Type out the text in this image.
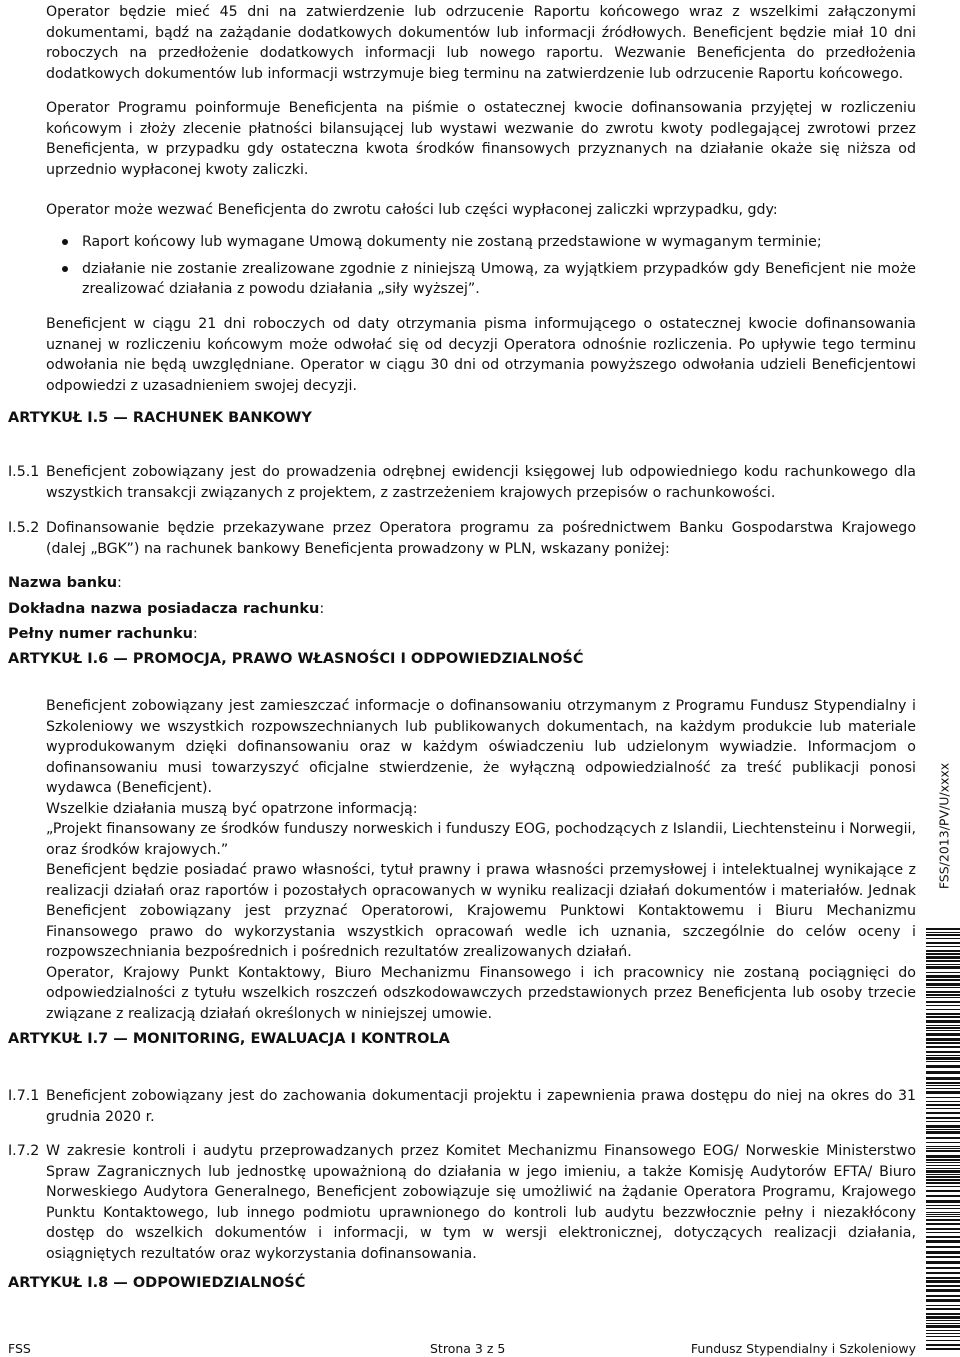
Operator będzie mieć 45 dni na zatwierdzenie lub odrzucenie Raportu końcowego wraz z wszelkimi załączonymi dokumentami, bądź na zażądanie dodatkowych dokumentów lub informacji źródłowych. Beneficjent będzie miał 10 dni roboczych na przedłożenie dodatkowych informacji lub nowego raportu. Wezwanie Beneficjenta do przedłożenia dodatkowych dokumentów lub informacji wstrzymuje bieg terminu na zatwierdzenie lub odrzucenie Raportu końcowego.

Operator Programu poinformuje Beneficjenta na piśmie o ostatecznej kwocie dofinansowania przyjętej w rozliczeniu końcowym i złoży zlecenie płatności bilansującej lub wystawi wezwanie do zwrotu kwoty podlegającej zwrotowi przez Beneficjenta, w przypadku gdy ostateczna kwota środków finansowych przyznanych na działanie okaże się niższa od uprzednio wypłaconej kwoty zaliczki.

Operator może wezwać Beneficjenta do zwrotu całości lub części wypłaconej zaliczki wprzypadku, gdy:

Raport końcowy lub wymagane Umową dokumenty nie zostaną przedstawione w wymaganym terminie;
działanie nie zostanie zrealizowane zgodnie z niniejszą Umową, za wyjątkiem przypadków gdy Beneficjent nie może zrealizować działania z powodu działania „siły wyższej”.

Beneficjent w ciągu 21 dni roboczych od daty otrzymania pisma informującego o ostatecznej kwocie dofinansowania uznanej w rozliczeniu końcowym może odwołać się od decyzji Operatora odnośnie rozliczenia. Po upływie tego terminu odwołania nie będą uwzględniane. Operator w ciągu 30 dni od otrzymania powyższego odwołania udzieli Beneficjentowi odpowiedzi z uzasadnieniem swojej decyzji.

ARTYKUŁ I.5 — RACHUNEK BANKOWY
I.5.1 Beneficjent zobowiązany jest do prowadzenia odrębnej ewidencji księgowej lub odpowiedniego kodu rachunkowego dla wszystkich transakcji związanych z projektem, z zastrzeżeniem krajowych przepisów o rachunkowości.
I.5.2 Dofinansowanie będzie przekazywane przez Operatora programu za pośrednictwem Banku Gospodarstwa Krajowego (dalej „BGK”) na rachunek bankowy Beneficjenta prowadzony w PLN, wskazany poniżej:

Nazwa banku:

Dokładna nazwa posiadacza rachunku:

Pełny numer rachunku:

ARTYKUŁ I.6 — PROMOCJA, PRAWO WŁASNOŚCI I ODPOWIEDZIALNOŚĆ
Beneficjent zobowiązany jest zamieszczać informacje o dofinansowaniu otrzymanym z Programu Fundusz Stypendialny i Szkoleniowy we wszystkich rozpowszechnianych lub publikowanych dokumentach, na każdym produkcie lub materiale wyprodukowanym dzięki dofinansowaniu oraz w każdym oświadczeniu lub udzielonym wywiadzie. Informacjom o dofinansowaniu musi towarzyszyć oficjalne stwierdzenie, że wyłączną odpowiedzialność za treść publikacji ponosi wydawca (Beneficjent).
Wszelkie działania muszą być opatrzone informacją:
„Projekt finansowany ze środków funduszy norweskich i funduszy EOG, pochodzących z Islandii, Liechtensteinu i Norwegii, oraz środków krajowych.”
Beneficjent będzie posiadać prawo własności, tytuł prawny i prawa własności przemysłowej i intelektualnej wynikające z realizacji działań oraz raportów i pozostałych opracowanych w wyniku realizacji działań dokumentów i materiałów. Jednak Beneficjent zobowiązany jest przyznać Operatorowi, Krajowemu Punktowi Kontaktowemu i Biuru Mechanizmu Finansowego prawo do wykorzystania wszystkich opracowań wedle ich uznania, szczególnie do celów oceny i rozpowszechniania bezpośrednich i pośrednich rezultatów zrealizowanych działań.
Operator, Krajowy Punkt Kontaktowy, Biuro Mechanizmu Finansowego i ich pracownicy nie zostaną pociągnięci do odpowiedzialności z tytułu wszelkich roszczeń odszkodowawczych przedstawionych przez Beneficjenta lub osoby trzecie związane z realizacją działań określonych w niniejszej umowie.
ARTYKUŁ I.7 — MONITORING, EWALUACJA I KONTROLA
I.7.1 Beneficjent zobowiązany jest do zachowania dokumentacji projektu i zapewnienia prawa dostępu do niej na okres do 31 grudnia 2020 r.
I.7.2 W zakresie kontroli i audytu przeprowadzanych przez Komitet Mechanizmu Finansowego EOG/ Norweskie Ministerstwo Spraw Zagranicznych lub jednostkę upoważnioną do działania w jego imieniu, a także Komisję Audytorów EFTA/ Biuro Norweskiego Audytora Generalnego, Beneficjent zobowiązuje się umożliwić na żądanie Operatora Programu, Krajowego Punktu Kontaktowego, lub innego podmiotu uprawnionego do kontroli lub audytu bezzwłocznie pełny i niezakłócony dostęp do wszelkich dokumentów i informacji, w tym w wersji elektronicznej, dotyczących realizacji działania, osiągniętych rezultatów oraz wykorzystania dofinansowania.
ARTYKUŁ I.8 — ODPOWIEDZIALNOŚĆ
FSS/2013/PV/U/xxxx
FSS	Strona 3 z 5	Fundusz Stypendialny i Szkoleniowy
